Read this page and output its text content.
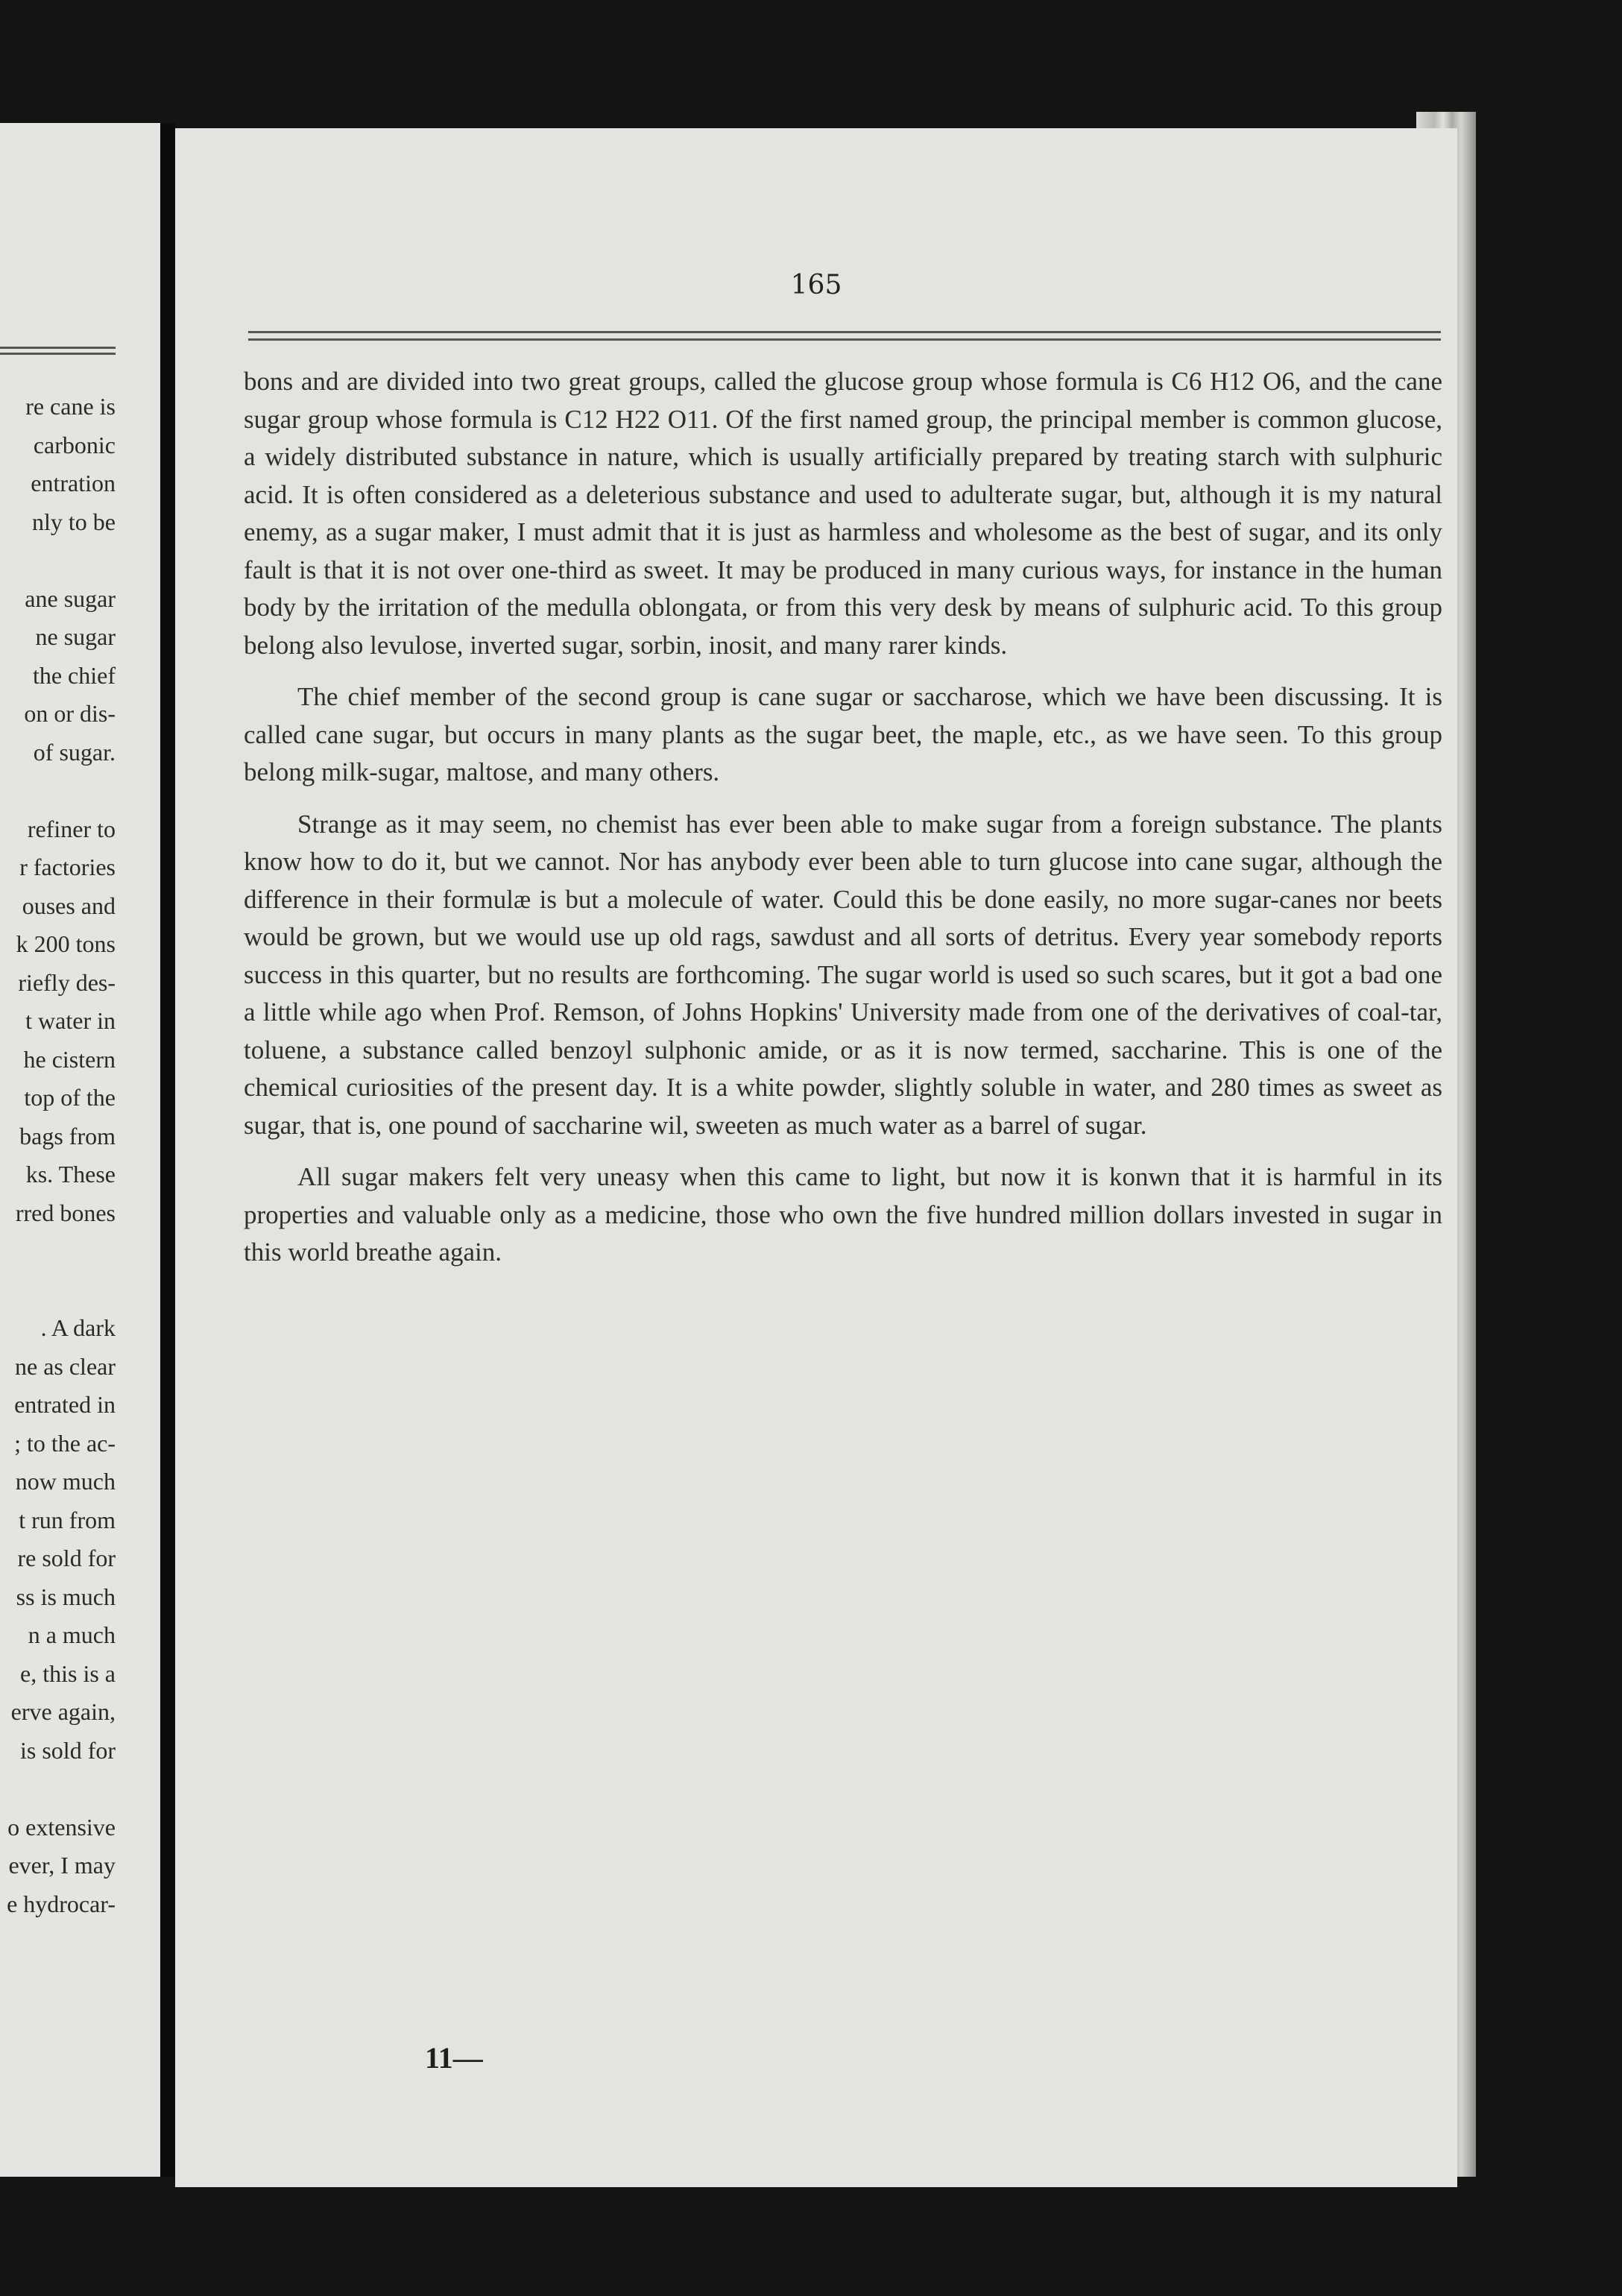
re cane is
carbonic
entration
nly to be
ane sugar
ne sugar
the chief
on or dis-
of sugar.
refiner to
r factories
ouses and
k 200 tons
riefly des-
t water in
he cistern
top of the
bags from
ks. These
rred bones
. A dark
ne as clear
entrated in
; to the ac-
now much
t run from
re sold for
ss is much
n a much
e, this is a
erve again,
is sold for
o extensive
ever, I may
e hydrocar-
165

bons and are divided into two great groups, called the glucose group whose formula is C6 H12 O6, and the cane sugar group whose formula is C12 H22 O11. Of the first named group, the principal member is common glucose, a widely distributed substance in nature, which is usually artificially prepared by treating starch with sulphuric acid. It is often considered as a deleterious substance and used to adulterate sugar, but, although it is my natural enemy, as a sugar maker, I must admit that it is just as harmless and wholesome as the best of sugar, and its only fault is that it is not over one-third as sweet. It may be produced in many curious ways, for instance in the human body by the irritation of the medulla oblongata, or from this very desk by means of sulphuric acid. To this group belong also levulose, inverted sugar, sorbin, inosit, and many rarer kinds.

The chief member of the second group is cane sugar or saccharose, which we have been discussing. It is called cane sugar, but occurs in many plants as the sugar beet, the maple, etc., as we have seen. To this group belong milk-sugar, maltose, and many others.

Strange as it may seem, no chemist has ever been able to make sugar from a foreign substance. The plants know how to do it, but we cannot. Nor has anybody ever been able to turn glucose into cane sugar, although the difference in their formulæ is but a molecule of water. Could this be done easily, no more sugar-canes nor beets would be grown, but we would use up old rags, sawdust and all sorts of detritus. Every year somebody reports success in this quarter, but no results are forthcoming. The sugar world is used so such scares, but it got a bad one a little while ago when Prof. Remson, of Johns Hopkins' University made from one of the derivatives of coal-tar, toluene, a substance called benzoyl sulphonic amide, or as it is now termed, saccharine. This is one of the chemical curiosities of the present day. It is a white powder, slightly soluble in water, and 280 times as sweet as sugar, that is, one pound of saccharine wil, sweeten as much water as a barrel of sugar.

All sugar makers felt very uneasy when this came to light, but now it is konwn that it is harmful in its properties and valuable only as a medicine, those who own the five hundred million dollars invested in sugar in this world breathe again.

11—
